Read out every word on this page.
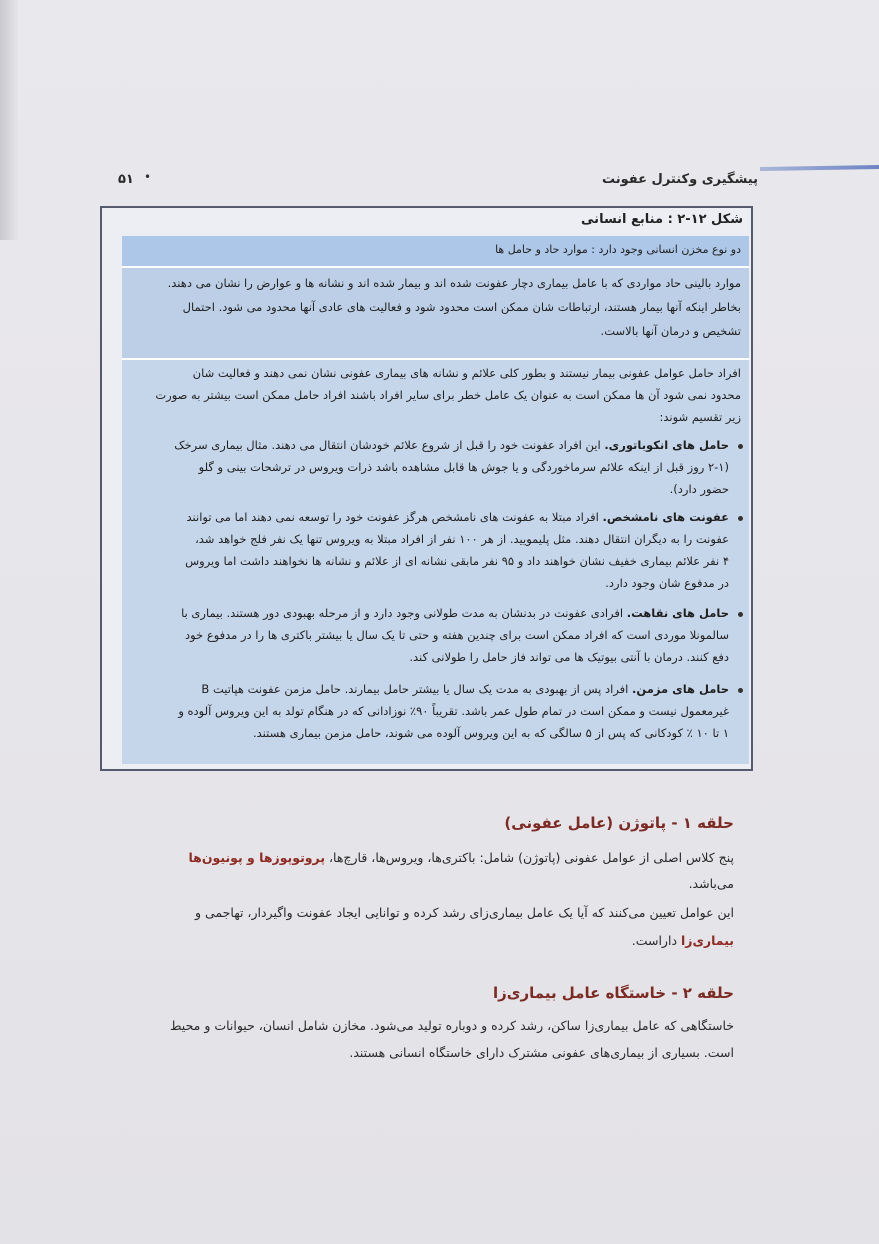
پیشگیری وکنترل عفونت
•
۵۱
شکل ۱۲-۲ : منابع انسانی
دو نوع مخزن انسانی وجود دارد : موارد حاد و حامل ها
موارد بالینی حاد مواردی که با عامل بیماری دچار عفونت شده اند و بیمار شده اند و نشانه ها و عوارض را نشان می دهند.
بخاطر اینکه آنها بیمار هستند، ارتباطات شان ممکن است محدود شود و فعالیت های عادی آنها محدود می شود. احتمال
تشخیص و درمان آنها بالاست.
افراد حامل عوامل عفونی بیمار نیستند و بطور کلی علائم و نشانه های بیماری عفونی نشان نمی دهند و فعالیت شان
محدود نمی شود آن ها ممکن است به عنوان یک عامل خطر برای سایر افراد باشند افراد حامل ممکن است بیشتر به صورت
زیر تقسیم شوند:
حامل های انکوباتوری. این افراد عفونت خود را قبل از شروع علائم خودشان انتقال می دهند. مثال بیماری سرخک
(۲-۱ روز قبل از اینکه علائم سرماخوردگی و یا جوش ها قابل مشاهده باشد ذرات ویروس در ترشحات بینی و گلو
حضور دارد).
عفونت های نامشخص. افراد مبتلا به عفونت های نامشخص هرگز عفونت خود را توسعه نمی دهند اما می توانند
عفونت را به دیگران انتقال دهند. مثل پلیمویید. از هر ۱۰۰ نفر از افراد مبتلا به ویروس تنها یک نفر فلج خواهد شد،
۴ نفر علائم بیماری خفیف نشان خواهند داد و ۹۵ نفر مابقی نشانه ای از علائم و نشانه ها نخواهند داشت اما ویروس
در مدفوع شان وجود دارد.
حامل های نقاهت. افرادی عفونت در بدنشان به مدت طولانی وجود دارد و از مرحله بهبودی دور هستند. بیماری با
سالمونلا موردی است که افراد ممکن است برای چندین هفته و حتی تا یک سال یا بیشتر باکتری ها را در مدفوع خود
دفع کنند. درمان با آنتی بیوتیک ها می تواند فاز حامل را طولانی کند.
حامل های مزمن. افراد پس از بهبودی به مدت یک سال یا بیشتر حامل بیمارند. حامل مزمن عفونت هپاتیت B
غیرمعمول نیست و ممکن است در تمام طول عمر باشد. تقریباً ۹۰٪ نوزادانی که در هنگام تولد به این ویروس آلوده و
۱ تا ۱۰ ٪ کودکانی که پس از ۵ سالگی که به این ویروس آلوده می شوند، حامل مزمن بیماری هستند.
حلقه ۱ - پاتوژن (عامل عفونی)
پنج کلاس اصلی از عوامل عفونی (پاتوژن) شامل: باکتری‌ها، ویروس‌ها، قارچ‌ها، پروتوپوزها و پونیون‌ها
می‌باشد.
این عوامل تعیین می‌کنند که آیا یک عامل بیماری‌زای رشد کرده و توانایی ایجاد عفونت واگیردار، تهاجمی و
بیماری‌زا داراست.
حلقه ۲ - خاستگاه عامل بیماری‌زا
خاستگاهی که عامل بیماری‌زا ساکن، رشد کرده و دوباره تولید می‌شود. مخازن شامل انسان، حیوانات و محیط
است. بسیاری از بیماری‌های عفونی مشترک دارای خاستگاه انسانی هستند.
